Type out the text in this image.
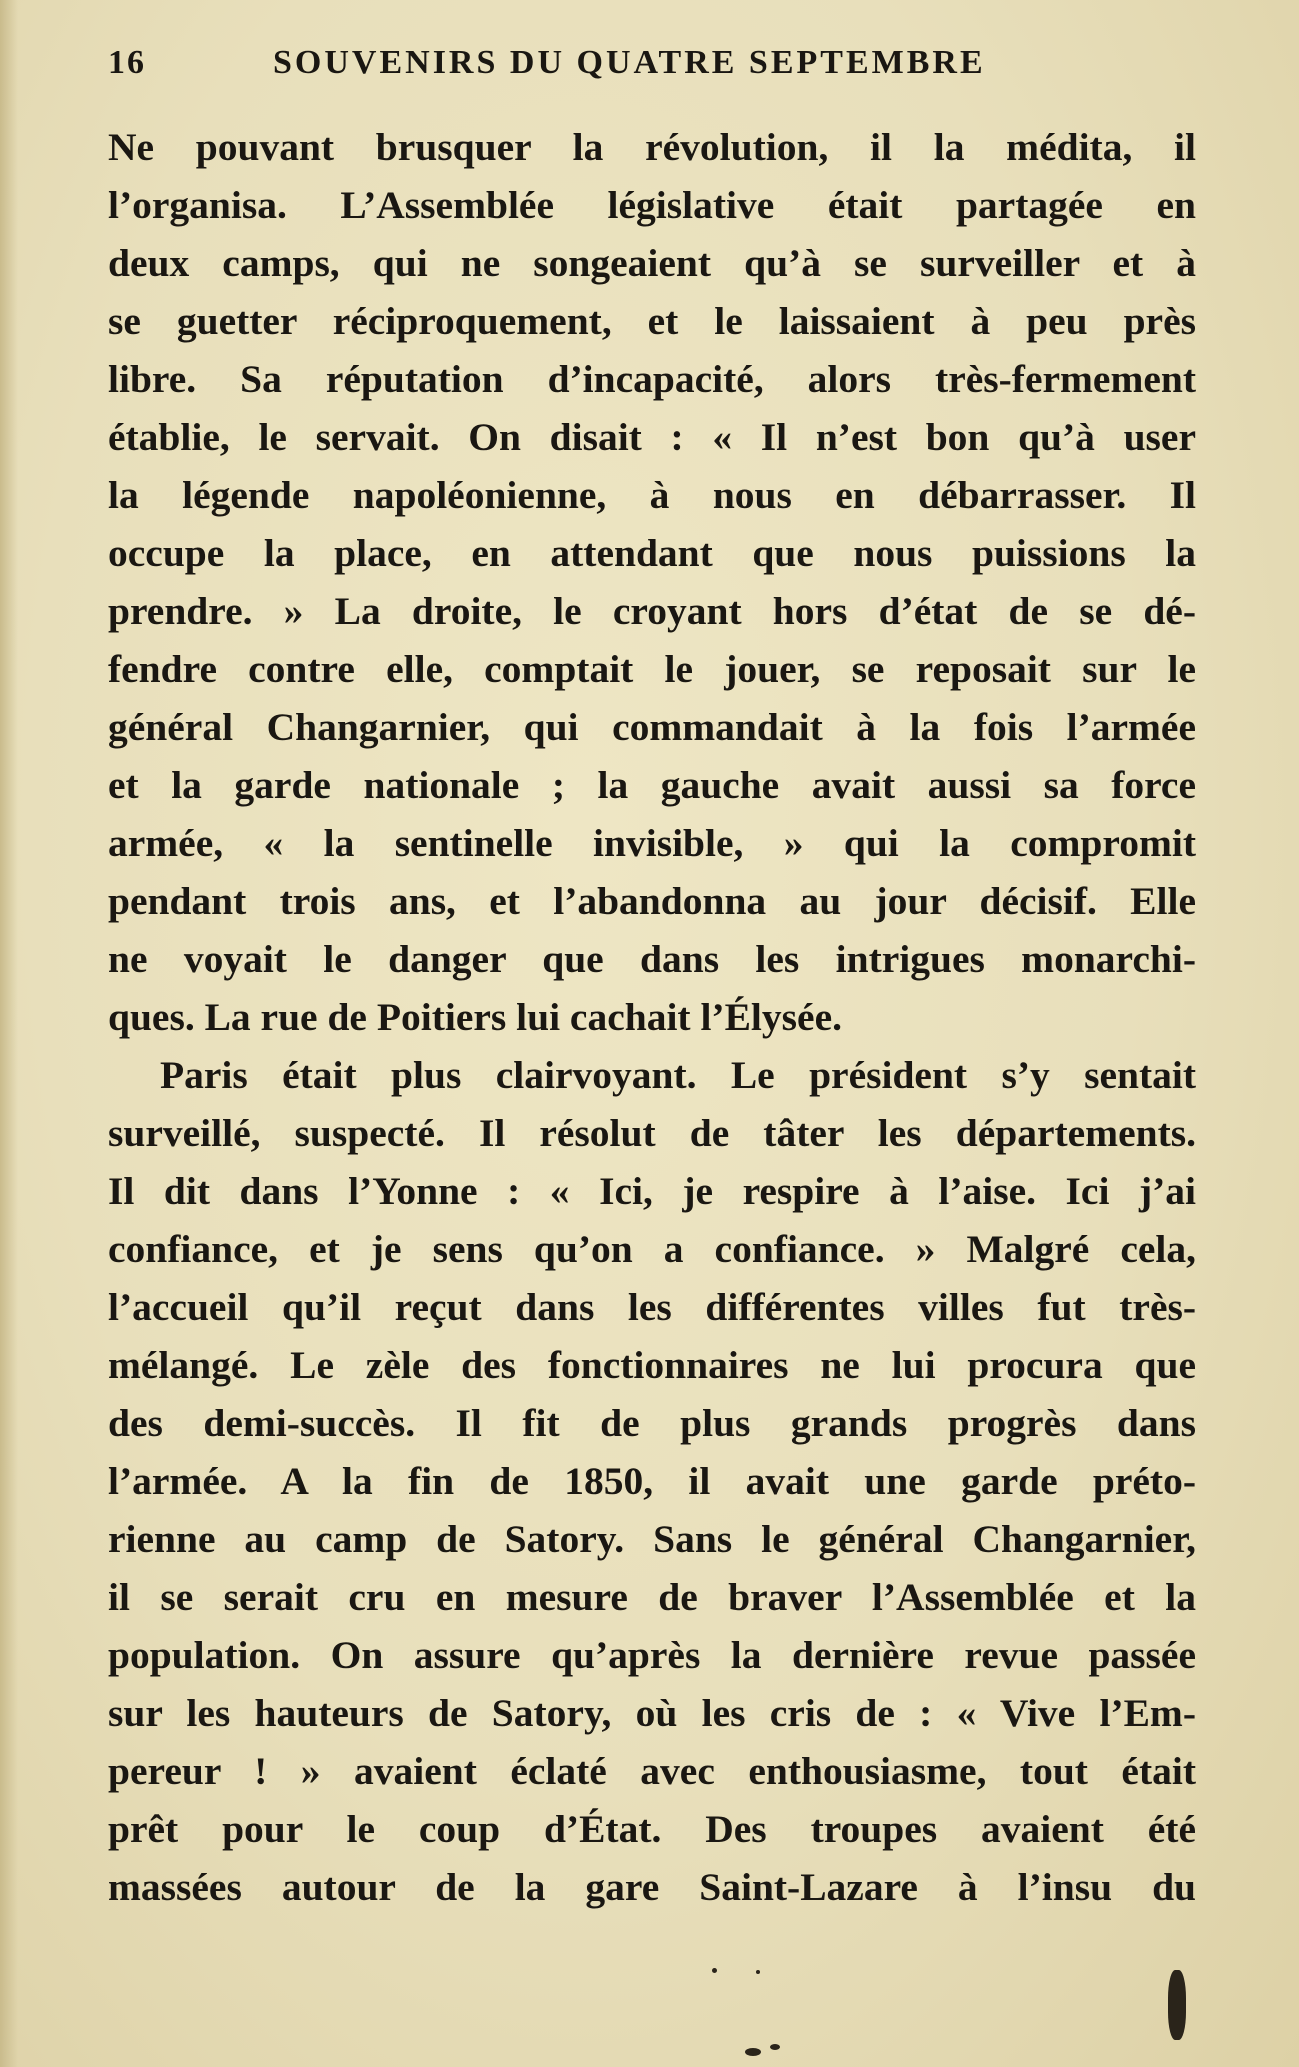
16	SOUVENIRS DU QUATRE SEPTEMBRE
Ne pouvant brusquer la révolution, il la médita, il
l’organisa. L’Assemblée législative était partagée en
deux camps, qui ne songeaient qu’à se surveiller et à
se guetter réciproquement, et le laissaient à peu près
libre. Sa réputation d’incapacité, alors très-fermement
établie, le servait. On disait : « Il n’est bon qu’à user
la légende napoléonienne, à nous en débarrasser. Il
occupe la place, en attendant que nous puissions la
prendre. » La droite, le croyant hors d’état de se dé-
fendre contre elle, comptait le jouer, se reposait sur le
général Changarnier, qui commandait à la fois l’armée
et la garde nationale ; la gauche avait aussi sa force
armée, « la sentinelle invisible, » qui la compromit
pendant trois ans, et l’abandonna au jour décisif. Elle
ne voyait le danger que dans les intrigues monarchi-
ques. La rue de Poitiers lui cachait l’Élysée.
Paris était plus clairvoyant. Le président s’y sentait
surveillé, suspecté. Il résolut de tâter les départements.
Il dit dans l’Yonne : « Ici, je respire à l’aise. Ici j’ai
confiance, et je sens qu’on a confiance. » Malgré cela,
l’accueil qu’il reçut dans les différentes villes fut très-
mélangé. Le zèle des fonctionnaires ne lui procura que
des demi-succès. Il fit de plus grands progrès dans
l’armée. A la fin de 1850, il avait une garde préto-
rienne au camp de Satory. Sans le général Changarnier,
il se serait cru en mesure de braver l’Assemblée et la
population. On assure qu’après la dernière revue passée
sur les hauteurs de Satory, où les cris de : « Vive l’Em-
pereur ! » avaient éclaté avec enthousiasme, tout était
prêt pour le coup d’État. Des troupes avaient été
massées autour de la gare Saint-Lazare à l’insu du
